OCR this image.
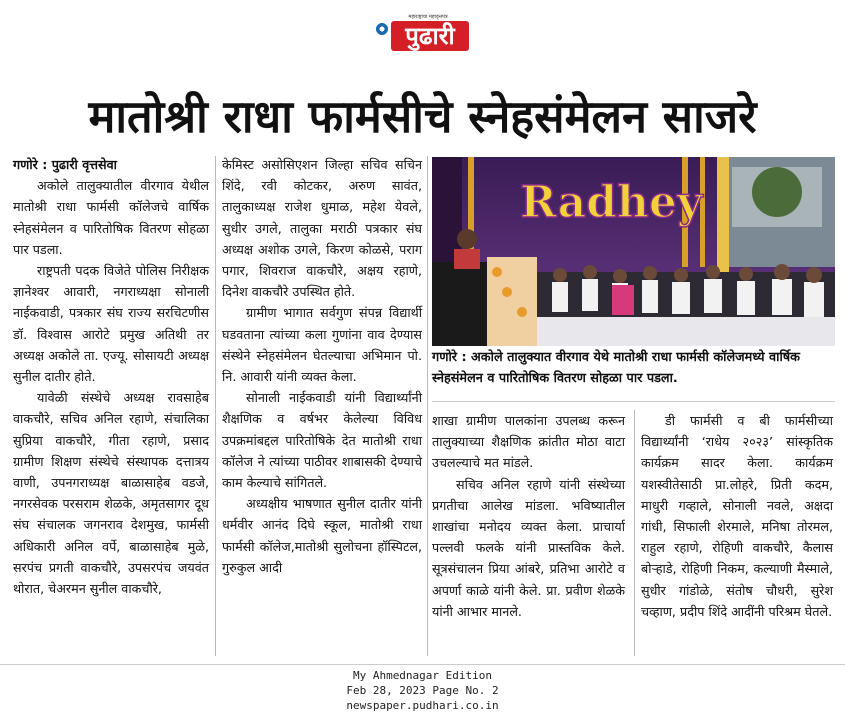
महाराष्ट्राचा महावृत्तपत्र
पुढारी
मातोश्री राधा फार्मसीचे स्नेहसंमेलन साजरे

गणोरे : पुढारी वृत्तसेवा

अकोले तालुक्यातील वीरगाव येथील मातोश्री राधा फार्मसी कॉलेजचे वार्षिक स्नेहसंमेलन व पारितोषिक वितरण सोहळा पार पडला.

राष्ट्रपती पदक विजेते पोलिस निरीक्षक ज्ञानेश्वर आवारी, नगराध्यक्षा सोनाली नाईकवाडी, पत्रकार संघ राज्य सरचिटणीस डॉ. विश्वास आरोटे प्रमुख अतिथी तर अध्यक्ष अकोले ता. एज्यू. सोसायटी अध्यक्ष सुनील दातीर होते.

यावेळी संस्थेचे अध्यक्ष रावसाहेब वाकचौरे, सचिव अनिल रहाणे, संचालिका सुप्रिया वाकचौरे, गीता रहाणे, प्रसाद ग्रामीण शिक्षण संस्थेचे संस्थापक दत्तात्रय वाणी, उपनगराध्यक्ष बाळासाहेब वडजे, नगरसेवक परसराम शेळके, अमृतसागर दूध संघ संचालक जगनराव देशमुख, फार्मसी अधिकारी अनिल वर्पे, बाळासाहेब मुळे, सरपंच प्रगती वाकचौरे, उपसरपंच जयवंत थोरात, चेअरमन सुनील वाकचौरे,

केमिस्ट असोसिएशन जिल्हा सचिव सचिन शिंदे, रवी कोटकर, अरुण सावंत, तालुकाध्यक्ष राजेश धुमाळ, महेश येवले, सुधीर उगले, तालुका मराठी पत्रकार संघ अध्यक्ष अशोक उगले, किरण कोळसे, पराग पगार, शिवराज वाकचौरे, अक्षय रहाणे, दिनेश वाकचौरे उपस्थित होते.

ग्रामीण भागात सर्वगुण संपन्न विद्यार्थी घडवताना त्यांच्या कला गुणांना वाव देण्यास संस्थेने स्नेहसंमेलन घेतल्याचा अभिमान पो. नि. आवारी यांनी व्यक्त केला.

सोनाली नाईकवाडी यांनी विद्यार्थ्यांनी शैक्षणिक व वर्षभर केलेल्या विविध उपक्रमांबद्दल पारितोषिके देत मातोश्री राधा कॉलेज ने त्यांच्या पाठीवर शाबासकी देण्याचे काम केल्याचे सांगितले.

अध्यक्षीय भाषणात सुनील दातीर यांनी धर्मवीर आनंद दिघे स्कूल, मातोश्री राधा फार्मसी कॉलेज,मातोश्री सुलोचना हॉस्पिटल, गुरुकुल आदी

Radhey
गणोरे : अकोले तालुक्यात वीरगाव येथे मातोश्री राधा फार्मसी कॉलेजमध्ये वार्षिक स्नेहसंमेलन व पारितोषिक वितरण सोहळा पार पडला.

शाखा ग्रामीण पालकांना उपलब्ध करून तालुक्याच्या शैक्षणिक क्रांतीत मोठा वाटा उचलल्याचे मत मांडले.

सचिव अनिल रहाणे यांनी संस्थेच्या प्रगतीचा आलेख मांडला. भविष्यातील शाखांचा मनोदय व्यक्त केला. प्राचार्या पल्लवी फलके यांनी प्रास्तविक केले. सूत्रसंचालन प्रिया आंबरे, प्रतिभा आरोटे व अपर्णा काळे यांनी केले. प्रा. प्रवीण शेळके यांनी आभार मानले.

डी फार्मसी व बी फार्मसीच्या विद्यार्थ्यांनी ‘राधेय २०२३’ सांस्कृतिक कार्यक्रम सादर केला. कार्यक्रम यशस्वीतेसाठी प्रा.लोहरे, प्रिती कदम, माधुरी गव्हाले, सोनाली नवले, अक्षदा गांधी, सिफाली शेरमाले, मनिषा तोरमल, राहुल रहाणे, रोहिणी वाकचौरे, कैलास बोऱ्हाडे, रोहिणी निकम, कल्याणी मैस्माले, सुधीर गांडोळे, संतोष चौधरी, सुरेश चव्हाण, प्रदीप शिंदे आदींनी परिश्रम घेतले.

My Ahmednagar Edition
Feb 28, 2023 Page No. 2
newspaper.pudhari.co.in
